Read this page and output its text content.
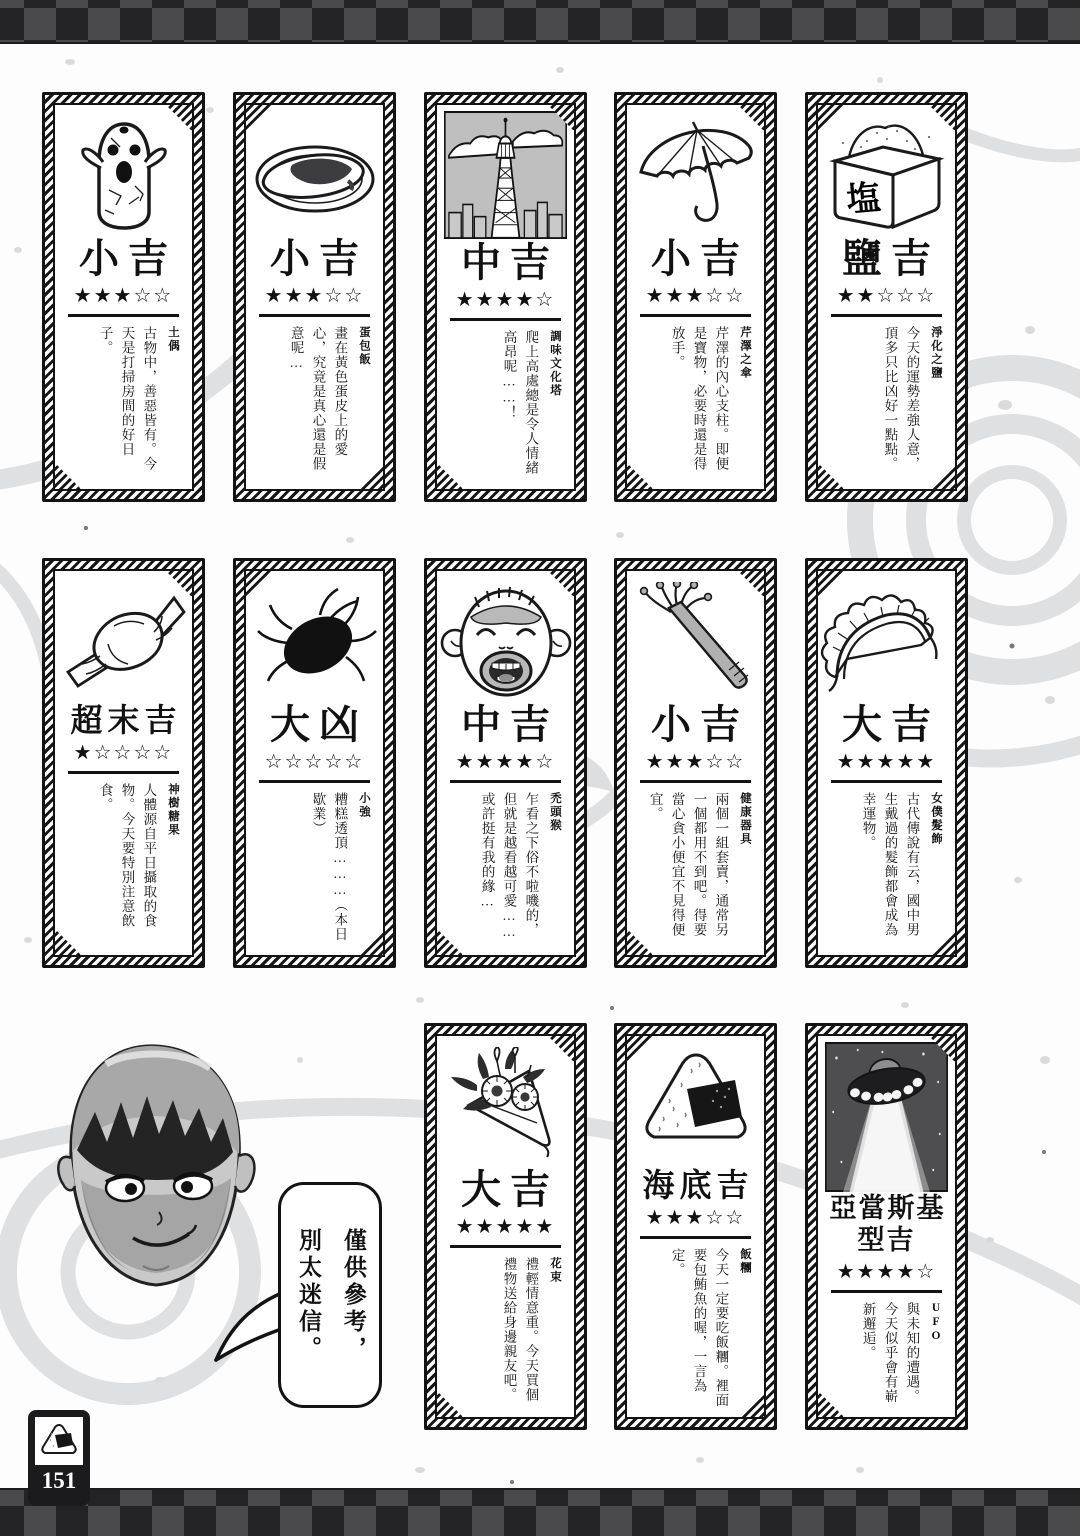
小吉
★★★☆☆
土偶
古物中，善惡皆有。今天是打掃房間的好日子。
小吉
★★★☆☆
蛋包飯
畫在黃色蛋皮上的愛心，究竟是真心還是假意呢…
中吉
★★★★☆
調味文化塔
爬上高處總是令人情緒高昂呢……！
小吉
★★★☆☆
芹澤之傘
芹澤的內心支柱。即便是寶物，必要時還是得放手。
塩
鹽吉
★★☆☆☆
淨化之鹽
今天的運勢差強人意，頂多只比凶好一點點。
超末吉
★☆☆☆☆
神樹糖果
人體源自平日攝取的食物。今天要特別注意飲食。
大凶
☆☆☆☆☆
小強
糟糕透頂………（本日歇業）
中吉
★★★★☆
禿頭猴
乍看之下俗不啦嘰的，但就是越看越可愛……或許挺有我的緣…
小吉
★★★☆☆
健康器具
兩個一組套賣，通常另一個都用不到吧。得要當心貪小便宜不見得便宜。
大吉
★★★★★
女僕髮飾
古代傳說有云，國中男生戴過的髮飾都會成為幸運物。
大吉
★★★★★
花束
禮輕情意重。今天買個禮物送給身邊親友吧。
海底吉
★★★☆☆
飯糰
今天一定要吃飯糰。裡面要包鮪魚的喔，一言為定。
亞當斯基型吉
★★★★☆
UFO
與未知的遭遇。今天似乎會有嶄新邂逅。
僅供參考，
別太迷信。
151
